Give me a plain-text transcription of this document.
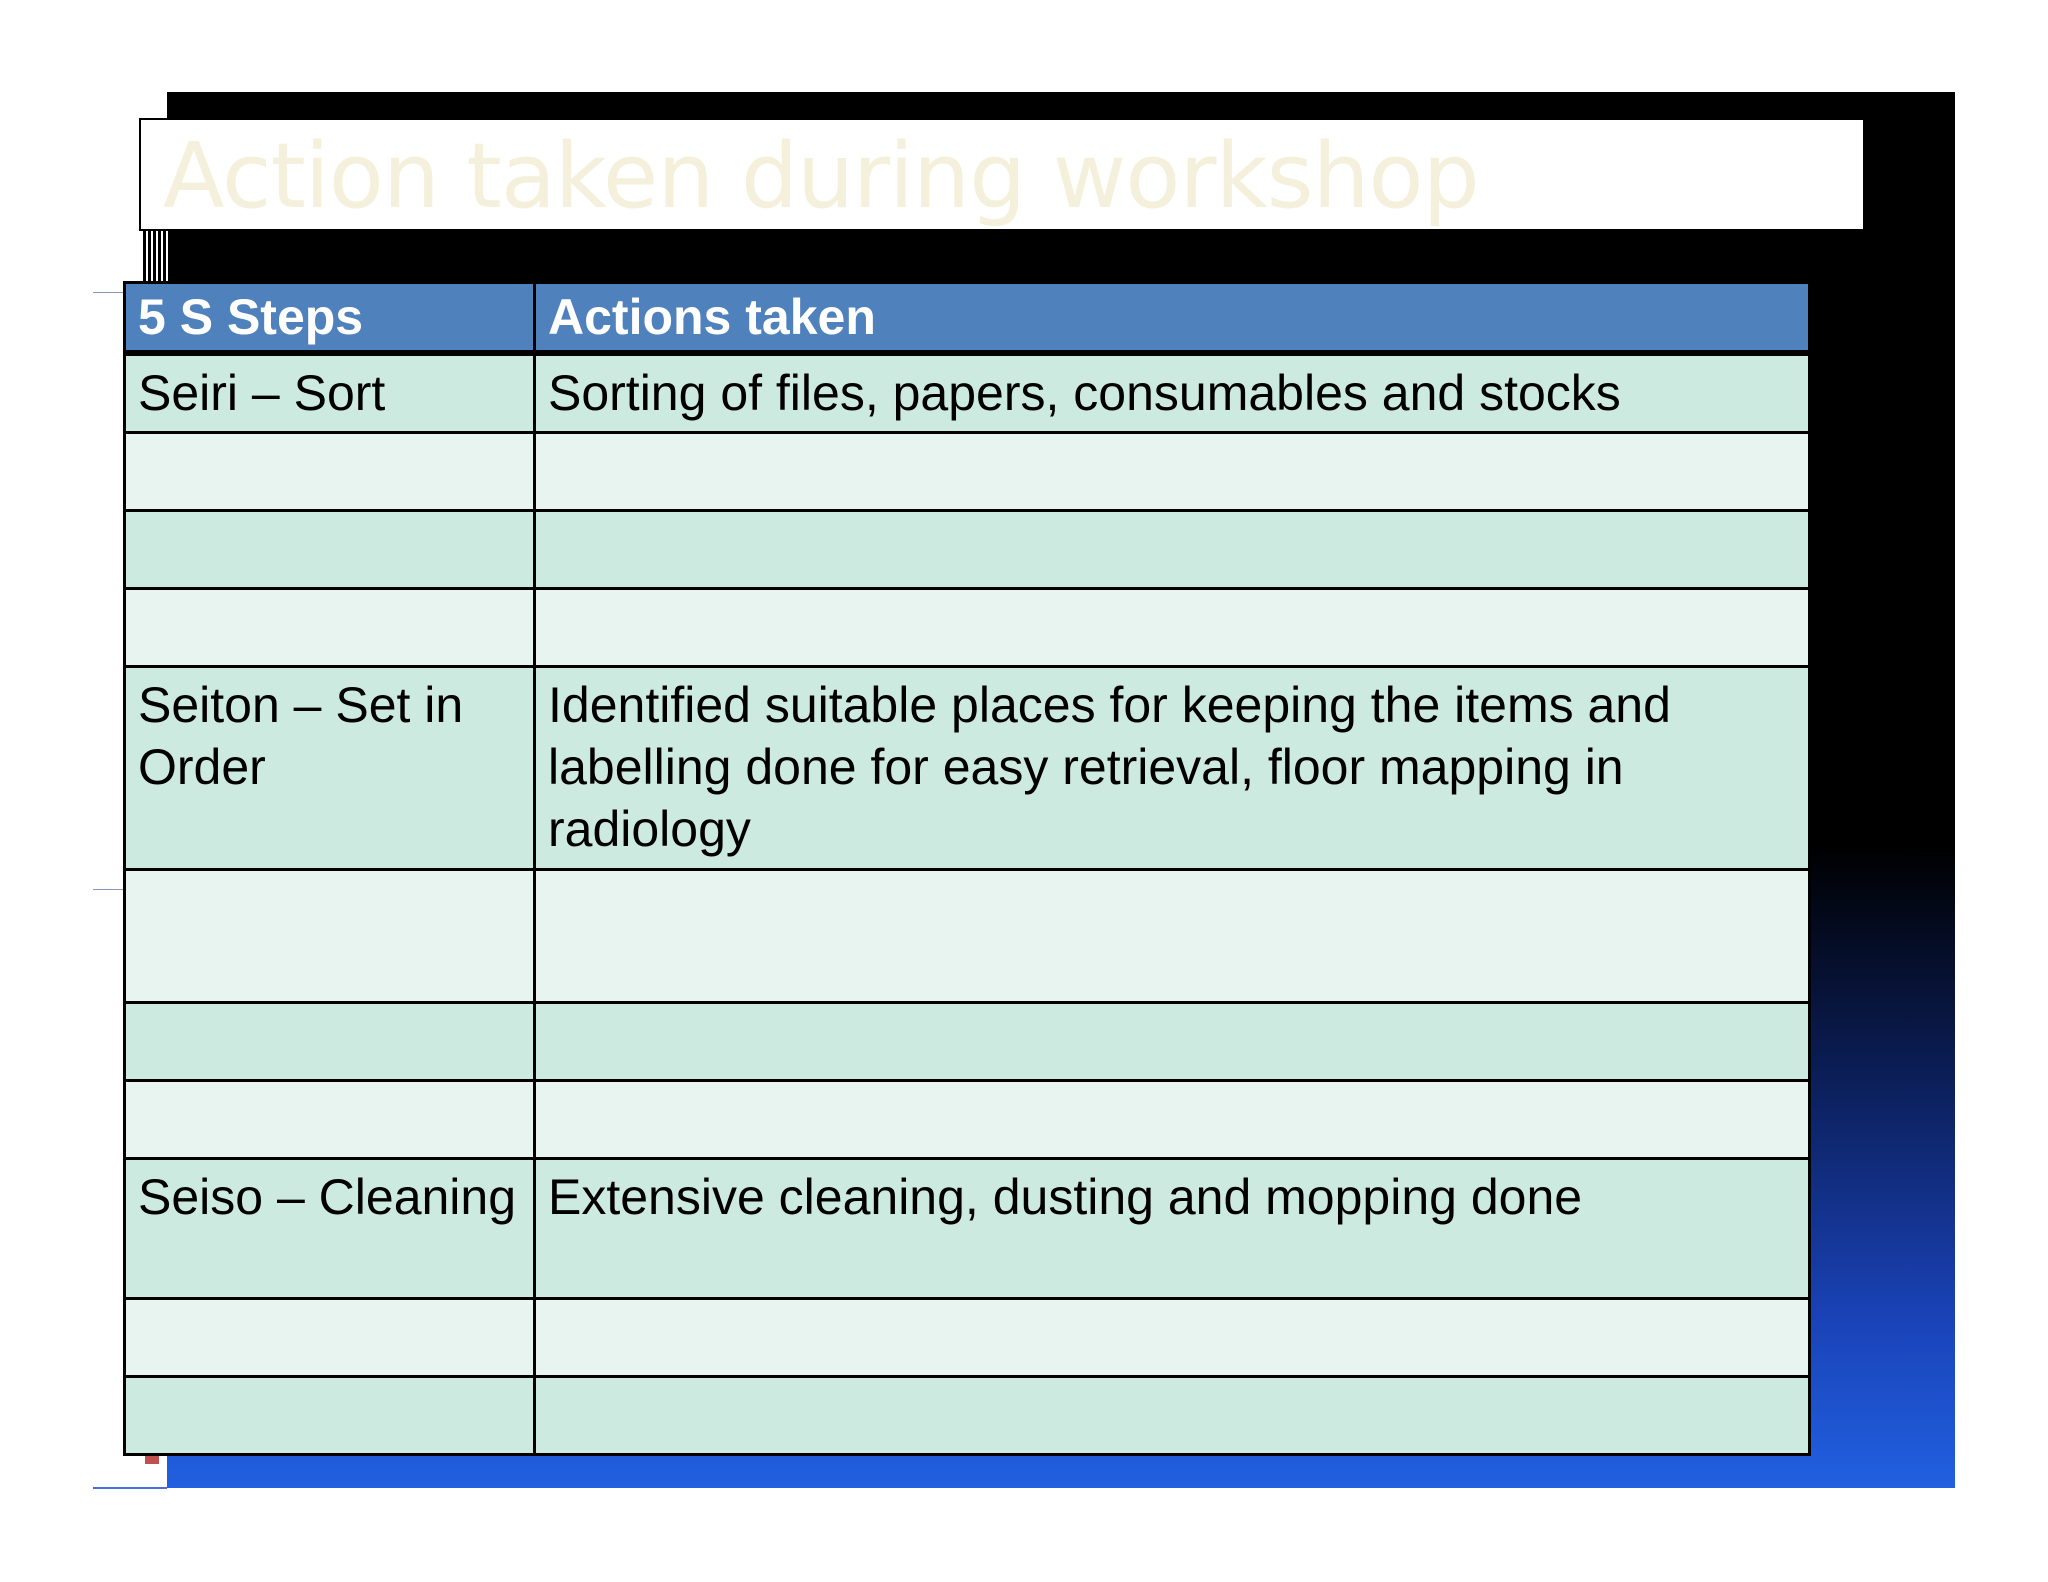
Action taken during workshop
5 S Steps	Actions taken
Seiri – Sort	Sorting of files, papers, consumables and stocks

Seiton – Set in Order	Identified suitable places for keeping the items and labelling done for easy retrieval, floor mapping in radiology

Seiso – Cleaning	Extensive cleaning, dusting and mopping done
